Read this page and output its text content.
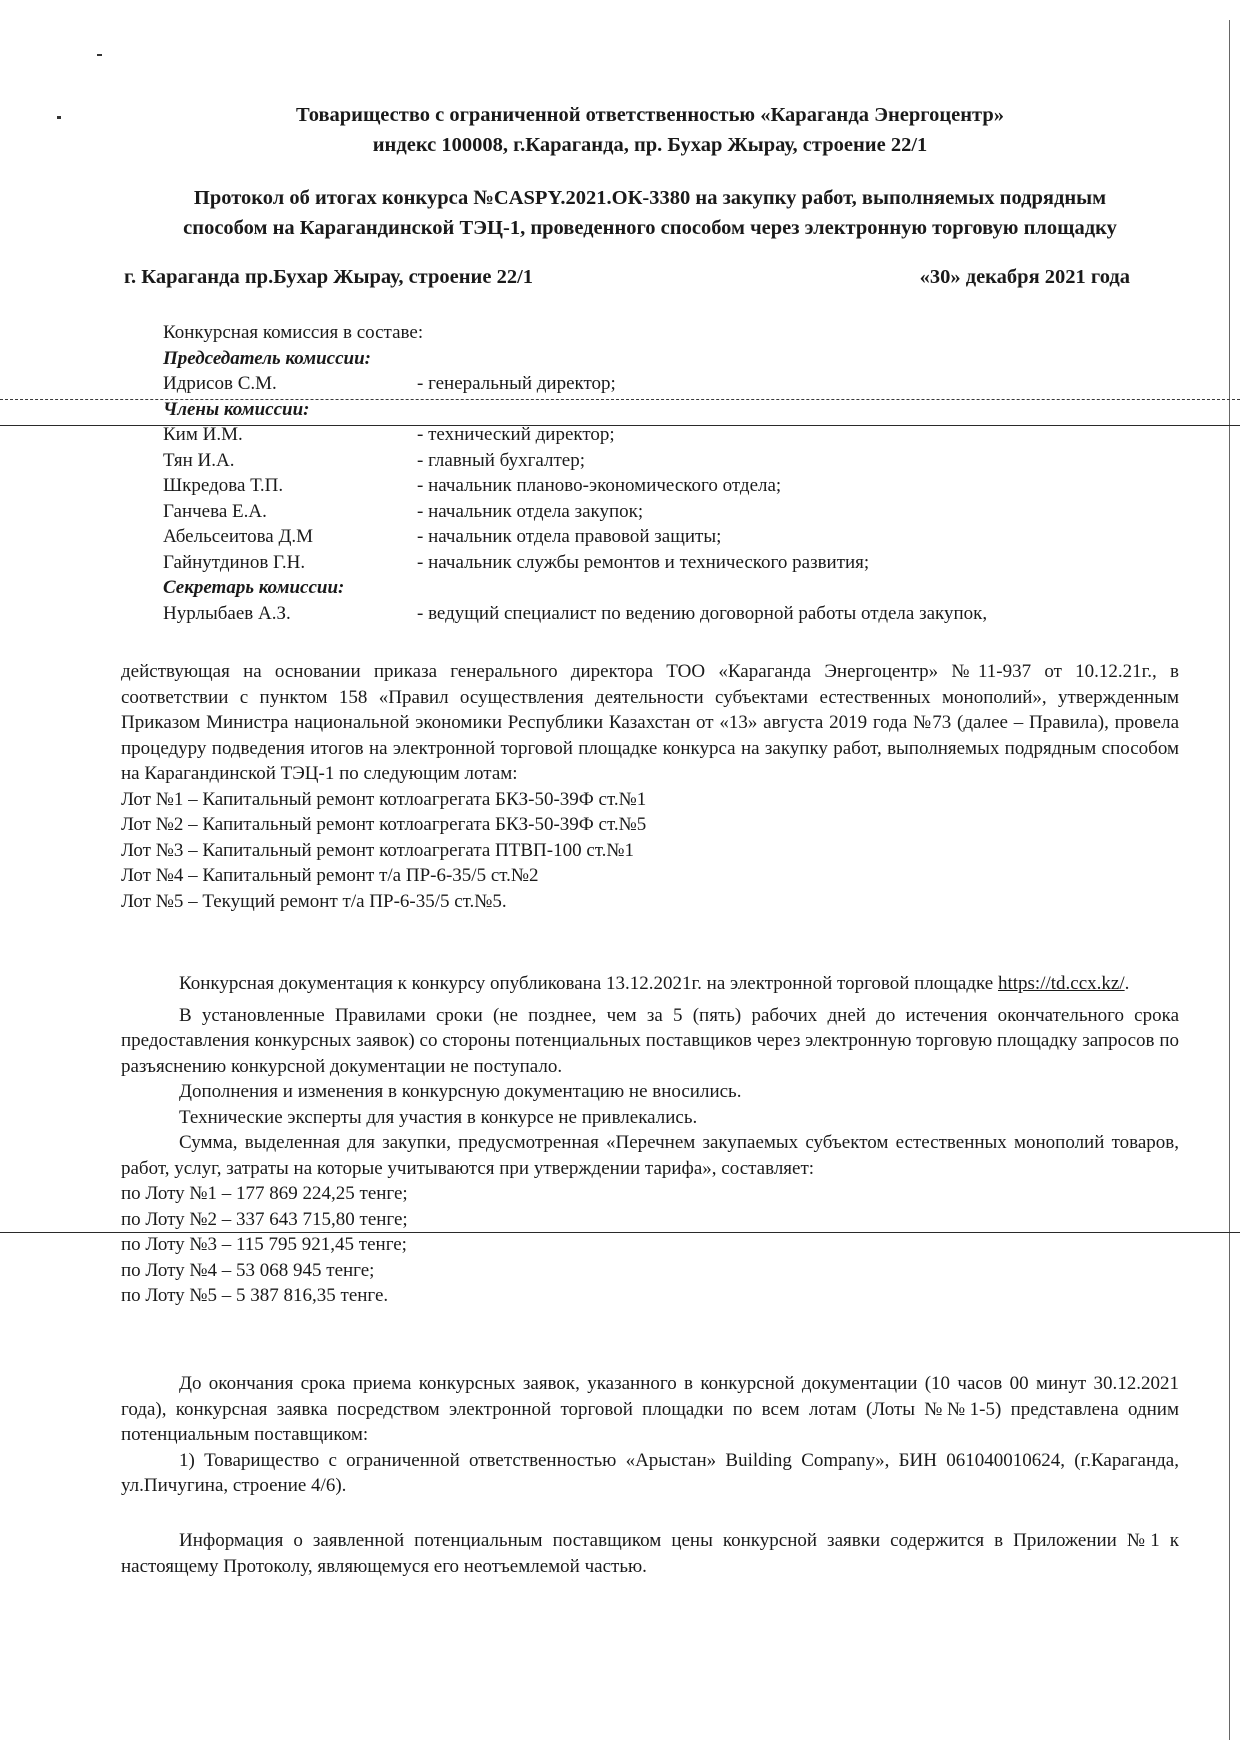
Товарищество с ограниченной ответственностью «Караганда Энергоцентр»
индекс 100008, г.Караганда, пр. Бухар Жырау, строение 22/1
Протокол об итогах конкурса №CASPY.2021.ОК-3380 на закупку работ, выполняемых подрядным
способом на Карагандинской ТЭЦ-1, проведенного способом через электронную торговую площадку
г. Караганда пр.Бухар Жырау, строение 22/1	«30» декабря 2021 года
Конкурсная комиссия в составе:
Председатель комиссии:
Идрисов С.М.	- генеральный директор;
Члены комиссии:
Ким И.М.	- технический директор;
Тян И.А.	- главный бухгалтер;
Шкредова Т.П.	- начальник планово-экономического отдела;
Ганчева Е.А.	- начальник отдела закупок;
Абельсеитова Д.М	- начальник отдела правовой защиты;
Гайнутдинов Г.Н.	- начальник службы ремонтов и технического развития;
Секретарь комиссии:
Нурлыбаев А.З.	- ведущий специалист по ведению договорной работы отдела закупок,

действующая на основании приказа генерального директора ТОО «Караганда Энергоцентр» №11-937 от 10.12.21г., в соответствии с пунктом 158 «Правил осуществления деятельности субъектами естественных монополий», утвержденным Приказом Министра национальной экономики Республики Казахстан от «13» августа 2019 года №73 (далее – Правила), провела процедуру подведения итогов на электронной торговой площадке конкурса на закупку работ, выполняемых подрядным способом на Карагандинской ТЭЦ-1 по следующим лотам:

Лот №1 – Капитальный ремонт котлоагрегата БКЗ-50-39Ф ст.№1

Лот №2 – Капитальный ремонт котлоагрегата БКЗ-50-39Ф ст.№5

Лот №3 – Капитальный ремонт котлоагрегата ПТВП-100 ст.№1

Лот №4 – Капитальный ремонт т/а ПР-6-35/5 ст.№2

Лот №5 – Текущий ремонт т/а ПР-6-35/5 ст.№5.

Конкурсная документация к конкурсу опубликована 13.12.2021г. на электронной торговой площадке https://td.ccx.kz/.

В установленные Правилами сроки (не позднее, чем за 5 (пять) рабочих дней до истечения окончательного срока предоставления конкурсных заявок) со стороны потенциальных поставщиков через электронную торговую площадку запросов по разъяснению конкурсной документации не поступало.

Дополнения и изменения в конкурсную документацию не вносились.

Технические эксперты для участия в конкурсе не привлекались.

Сумма, выделенная для закупки, предусмотренная «Перечнем закупаемых субъектом естественных монополий товаров, работ, услуг, затраты на которые учитываются при утверждении тарифа», составляет:

по Лоту №1 – 177 869 224,25 тенге;

по Лоту №2 – 337 643 715,80 тенге;

по Лоту №3 – 115 795 921,45 тенге;

по Лоту №4 – 53 068 945 тенге;

по Лоту №5 – 5 387 816,35 тенге.

До окончания срока приема конкурсных заявок, указанного в конкурсной документации (10 часов 00 минут 30.12.2021 года), конкурсная заявка посредством электронной торговой площадки по всем лотам (Лоты №№1-5) представлена одним потенциальным поставщиком:

1) Товарищество с ограниченной ответственностью «Арыстан» Building Company», БИН 061040010624, (г.Караганда, ул.Пичугина, строение 4/6).

Информация о заявленной потенциальным поставщиком цены конкурсной заявки содержится в Приложении №1 к настоящему Протоколу, являющемуся его неотъемлемой частью.
